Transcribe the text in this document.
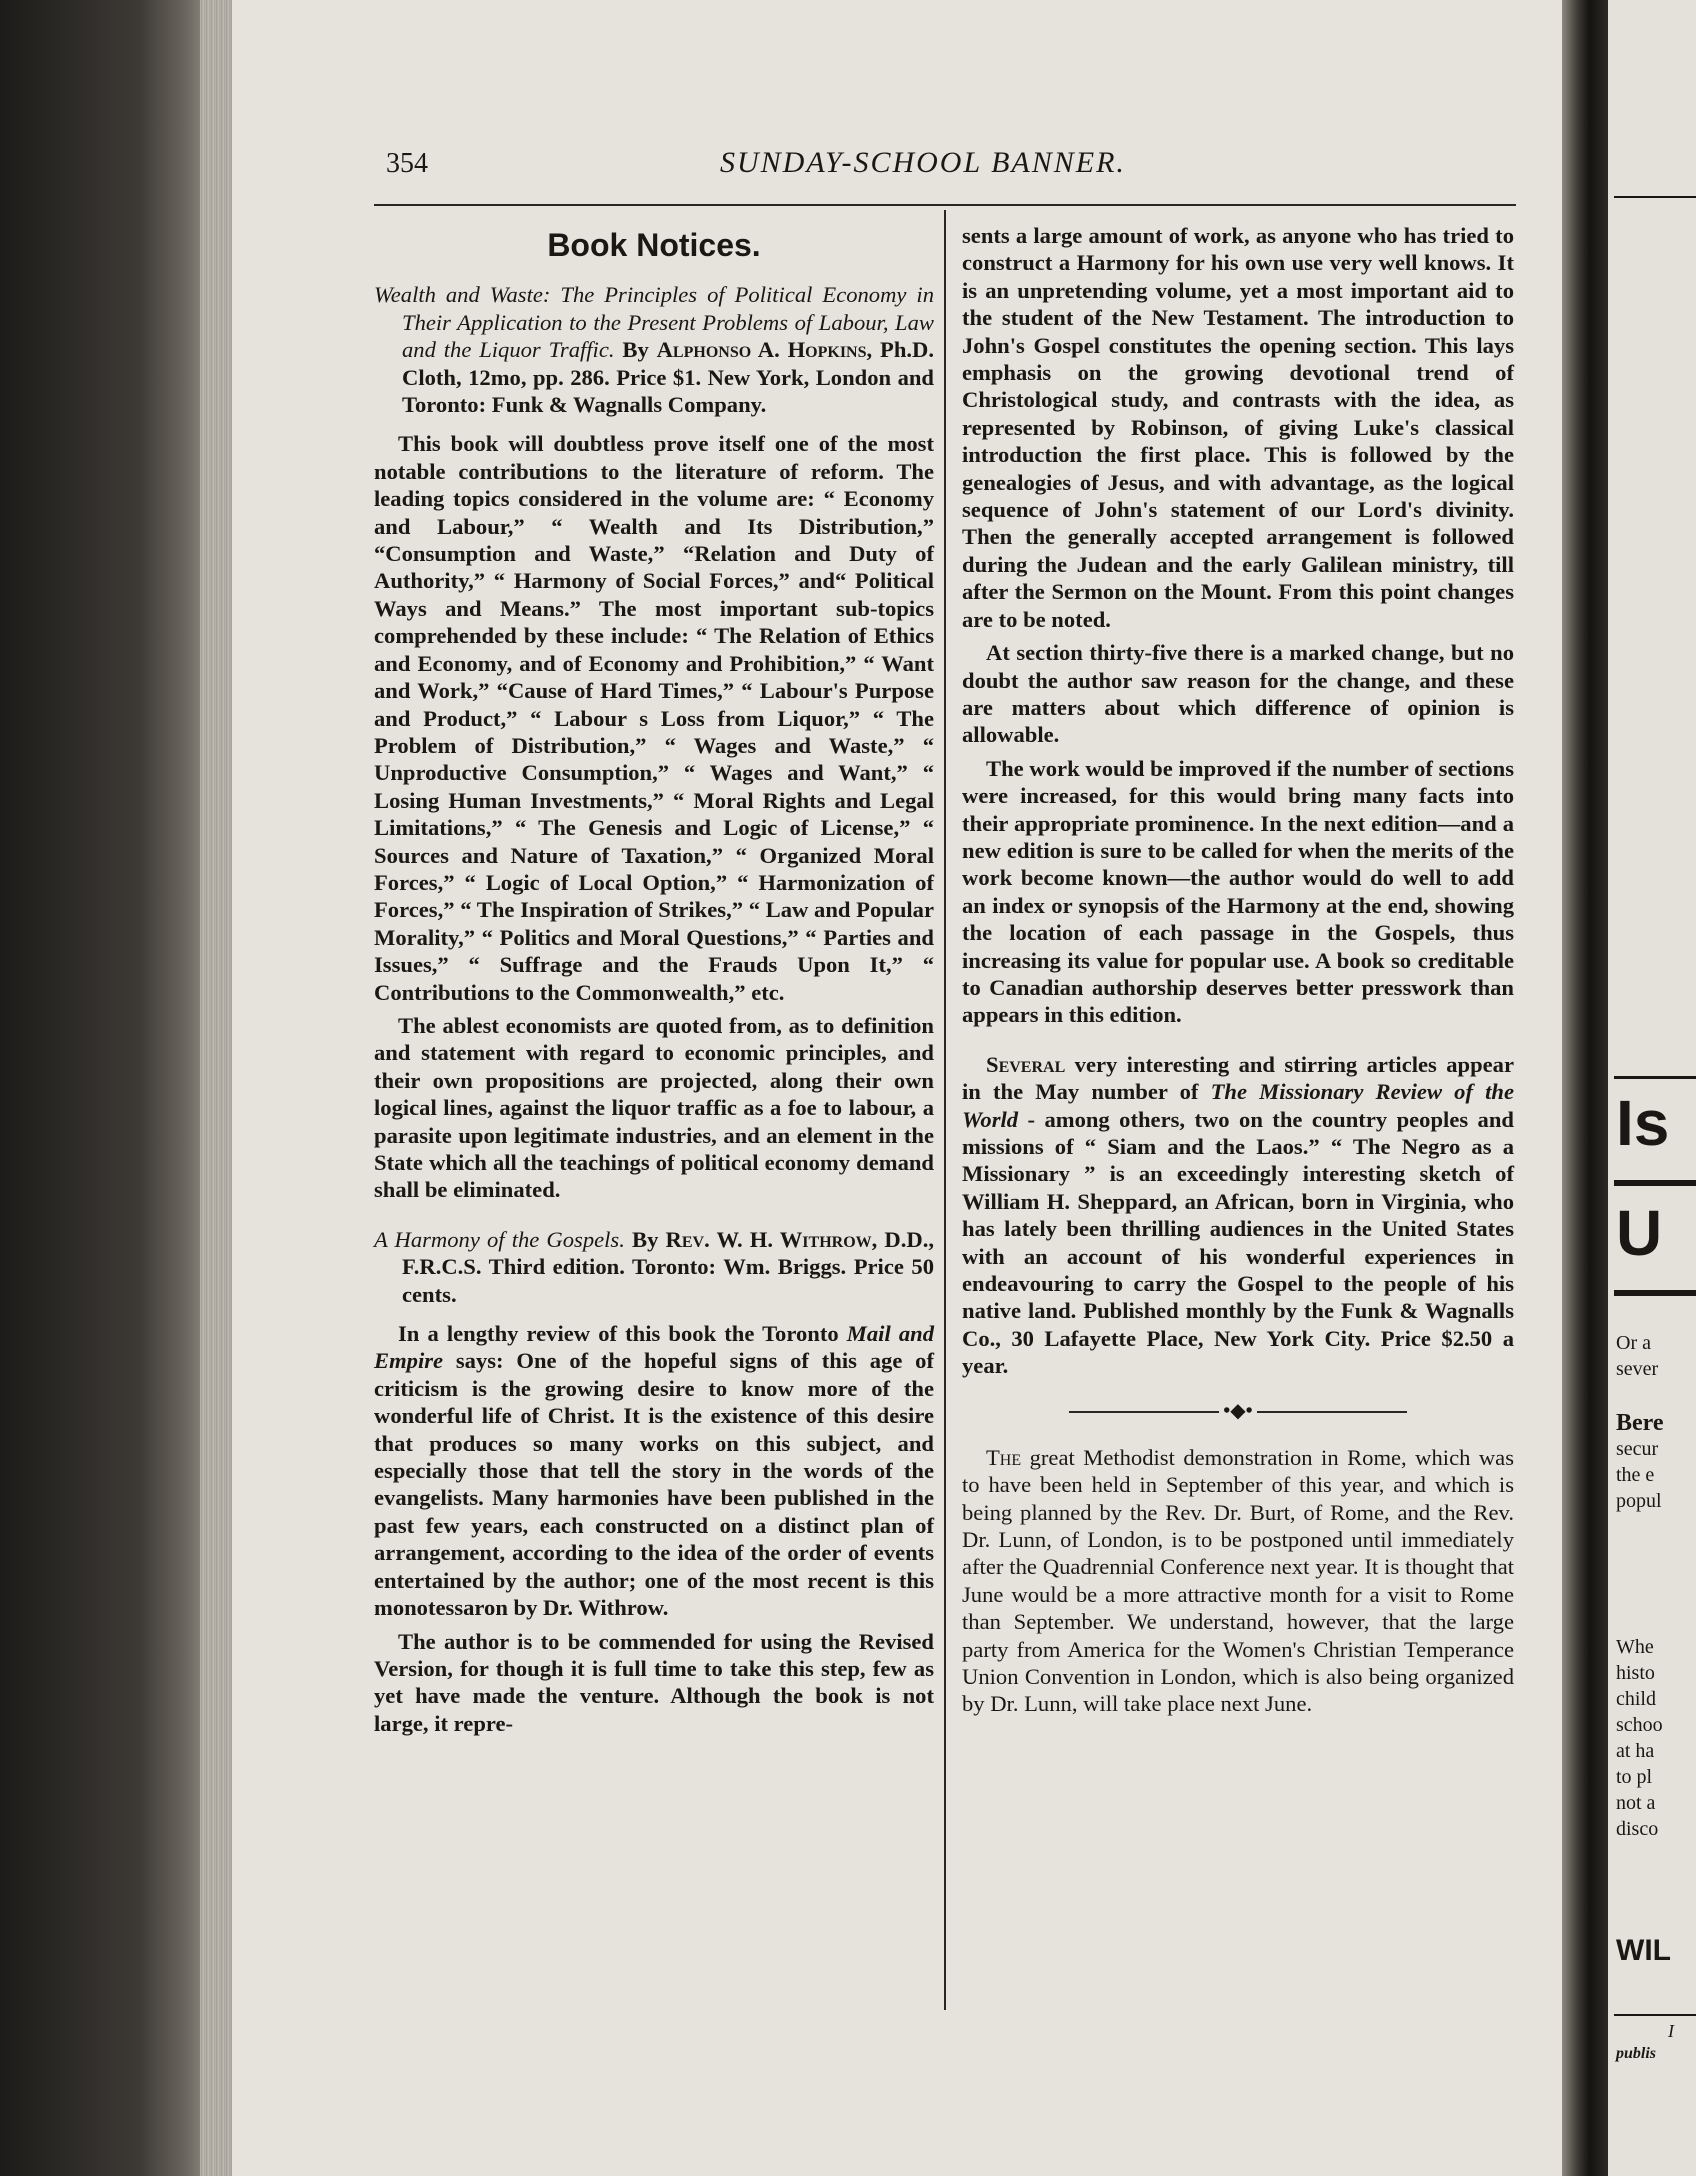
354	SUNDAY-SCHOOL BANNER.
Book Notices.
Wealth and Waste: The Principles of Political Economy in Their Application to the Present Problems of Labour, Law and the Liquor Traffic. By Alphonso A. Hopkins, Ph.D. Cloth, 12mo, pp. 286. Price $1. New York, London and Toronto: Funk & Wagnalls Company.

This book will doubtless prove itself one of the most notable contributions to the literature of reform. The leading topics considered in the volume are: “ Economy and Labour,” “ Wealth and Its Distribution,” “Consumption and Waste,” “Relation and Duty of Authority,” “ Harmony of Social Forces,” and“ Political Ways and Means.” The most important sub-topics comprehended by these include: “ The Relation of Ethics and Economy, and of Economy and Prohibition,” “ Want and Work,” “Cause of Hard Times,” “ Labour's Purpose and Product,” “ Labour s Loss from Liquor,” “ The Problem of Distribution,” “ Wages and Waste,” “ Unproductive Consumption,” “ Wages and Want,” “ Losing Human Investments,” “ Moral Rights and Legal Limitations,” “ The Genesis and Logic of License,” “ Sources and Nature of Taxation,” “ Organized Moral Forces,” “ Logic of Local Option,” “ Harmonization of Forces,” “ The Inspiration of Strikes,” “ Law and Popular Morality,” “ Politics and Moral Questions,” “ Parties and Issues,” “ Suffrage and the Frauds Upon It,” “ Contributions to the Commonwealth,” etc.

The ablest economists are quoted from, as to definition and statement with regard to economic principles, and their own propositions are projected, along their own logical lines, against the liquor traffic as a foe to labour, a parasite upon legitimate industries, and an element in the State which all the teachings of political economy demand shall be eliminated.

A Harmony of the Gospels. By Rev. W. H. Withrow, D.D., F.R.C.S. Third edition. Toronto: Wm. Briggs. Price 50 cents.

In a lengthy review of this book the Toronto Mail and Empire says: One of the hopeful signs of this age of criticism is the growing desire to know more of the wonderful life of Christ. It is the existence of this desire that produces so many works on this subject, and especially those that tell the story in the words of the evangelists. Many harmonies have been published in the past few years, each constructed on a distinct plan of arrangement, according to the idea of the order of events entertained by the author; one of the most recent is this monotessaron by Dr. Withrow.

The author is to be commended for using the Revised Version, for though it is full time to take this step, few as yet have made the venture. Although the book is not large, it repre-

sents a large amount of work, as anyone who has tried to construct a Harmony for his own use very well knows. It is an unpretending volume, yet a most important aid to the student of the New Testament. The introduction to John's Gospel constitutes the opening section. This lays emphasis on the growing devotional trend of Christological study, and contrasts with the idea, as represented by Robinson, of giving Luke's classical introduction the first place. This is followed by the genealogies of Jesus, and with advantage, as the logical sequence of John's statement of our Lord's divinity. Then the generally accepted arrangement is followed during the Judean and the early Galilean ministry, till after the Sermon on the Mount. From this point changes are to be noted.

At section thirty-five there is a marked change, but no doubt the author saw reason for the change, and these are matters about which difference of opinion is allowable.

The work would be improved if the number of sections were increased, for this would bring many facts into their appropriate prominence. In the next edition—and a new edition is sure to be called for when the merits of the work become known—the author would do well to add an index or synopsis of the Harmony at the end, showing the location of each passage in the Gospels, thus increasing its value for popular use. A book so creditable to Canadian authorship deserves better presswork than appears in this edition.

Several very interesting and stirring articles appear in the May number of The Missionary Review of the World - among others, two on the country peoples and missions of “ Siam and the Laos.” “ The Negro as a Missionary ” is an exceedingly interesting sketch of William H. Sheppard, an African, born in Virginia, who has lately been thrilling audiences in the United States with an account of his wonderful experiences in endeavouring to carry the Gospel to the people of his native land. Published monthly by the Funk & Wagnalls Co., 30 Lafayette Place, New York City. Price $2.50 a year.

•◆•

The great Methodist demonstration in Rome, which was to have been held in September of this year, and which is being planned by the Rev. Dr. Burt, of Rome, and the Rev. Dr. Lunn, of London, is to be postponed until immediately after the Quadrennial Conference next year. It is thought that June would be a more attractive month for a visit to Rome than September. We understand, however, that the large party from America for the Women's Christian Temperance Union Convention in London, which is also being organized by Dr. Lunn, will take place next June.

Is
U
Or a
sever
Bere
secur
the e
popul
Whe
histo
child
schoo
at ha
to pl
not a
disco
WIL
I
publis
